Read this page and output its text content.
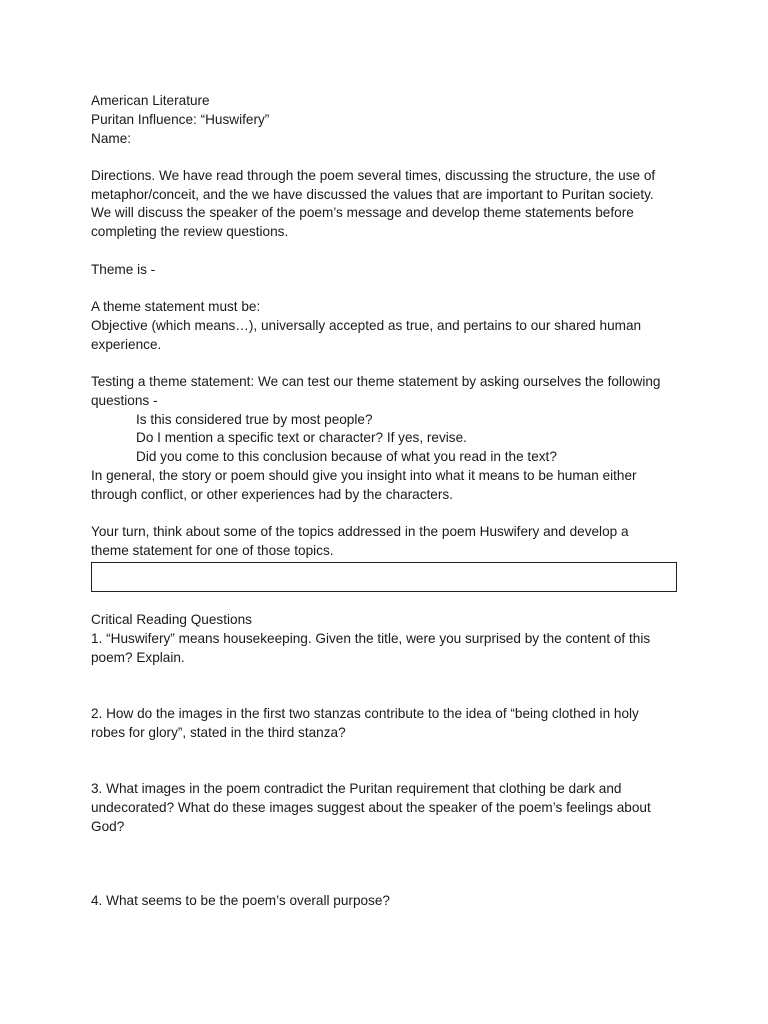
American Literature
Puritan Influence: “Huswifery”
Name:
Directions. We have read through the poem several times, discussing the structure, the use of
metaphor/conceit, and the we have discussed the values that are important to Puritan society.
We will discuss the speaker of the poem’s message and develop theme statements before
completing the review questions.
Theme is -
A theme statement must be:
Objective (which means…), universally accepted as true, and pertains to our shared human
experience.
Testing a theme statement: We can test our theme statement by asking ourselves the following
questions -
Is this considered true by most people?
Do I mention a specific text or character? If yes, revise.
Did you come to this conclusion because of what you read in the text?
In general, the story or poem should give you insight into what it means to be human either
through conflict, or other experiences had by the characters.
Your turn, think about some of the topics addressed in the poem Huswifery and develop a
theme statement for one of those topics.
Critical Reading Questions
1. “Huswifery” means housekeeping. Given the title, were you surprised by the content of this
poem? Explain.
2. How do the images in the first two stanzas contribute to the idea of “being clothed in holy
robes for glory”, stated in the third stanza?
3. What images in the poem contradict the Puritan requirement that clothing be dark and
undecorated? What do these images suggest about the speaker of the poem’s feelings about
God?
4. What seems to be the poem’s overall purpose?
